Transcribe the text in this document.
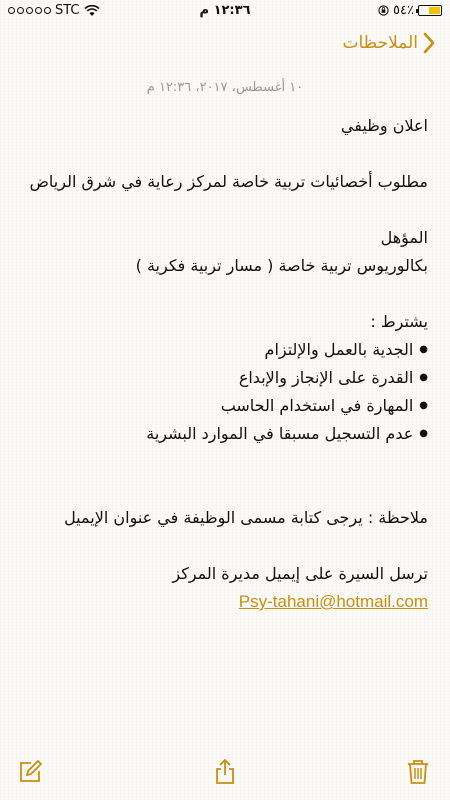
STC	١٢:٣٦ م	٥٤٪
الملاحظات
١٠ أغسطس، ٢٠١٧، ١٢:٣٦ م
اعلان وظيفي
مطلوب أخصائيات تربية خاصة لمركز رعاية في شرق الرياض
المؤهل
بكالوريوس تربية خاصة ( مسار تربية فكرية )
يشترط :
●
الجدية بالعمل والإلتزام
●
القدرة على الإنجاز والإبداع
●
المهارة في استخدام الحاسب
●
عدم التسجيل مسبقا في الموارد البشرية
ملاحظة : يرجى كتابة مسمى الوظيفة في عنوان الإيميل
ترسل السيرة على إيميل مديرة المركز
Psy-tahani@hotmail.com
